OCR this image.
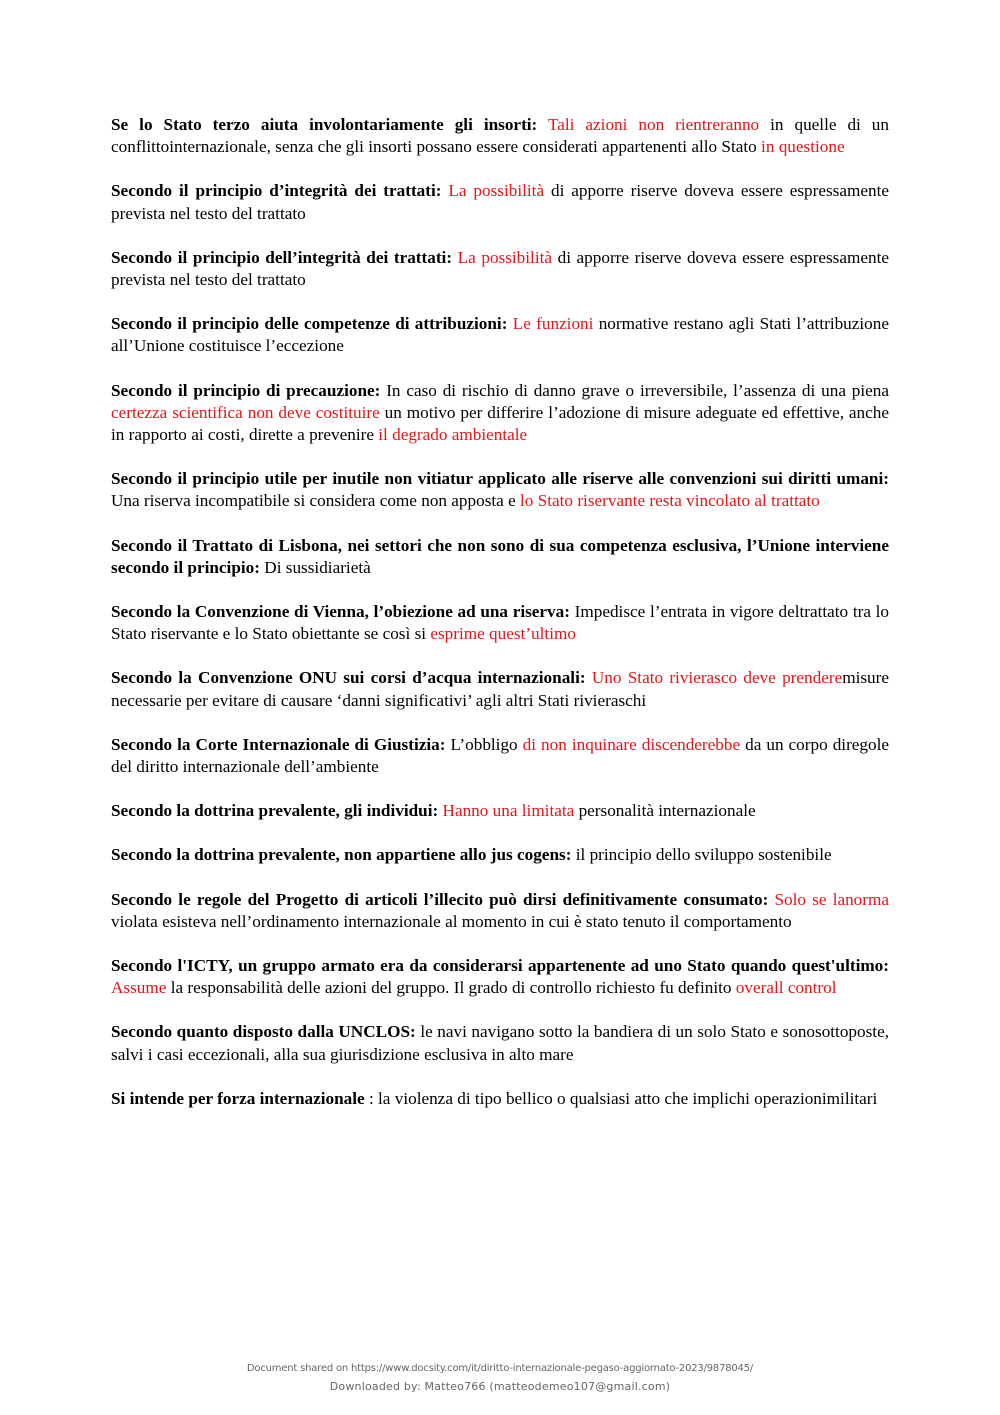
Se lo Stato terzo aiuta involontariamente gli insorti: Tali azioni non rientreranno in quelle di un conflittointernazionale, senza che gli insorti possano essere considerati appartenenti allo Stato in questione

Secondo il principio d’integrità dei trattati: La possibilità di apporre riserve doveva essere espressamente prevista nel testo del trattato

Secondo il principio dell’integrità dei trattati: La possibilità di apporre riserve doveva essere espressamente prevista nel testo del trattato

Secondo il principio delle competenze di attribuzioni: Le funzioni normative restano agli Stati l’attribuzione all’Unione costituisce l’eccezione

Secondo il principio di precauzione: In caso di rischio di danno grave o irreversibile, l’assenza di una piena certezza scientifica non deve costituire un motivo per differire l’adozione di misure adeguate ed effettive, anche in rapporto ai costi, dirette a prevenire il degrado ambientale

Secondo il principio utile per inutile non vitiatur applicato alle riserve alle convenzioni sui diritti umani: Una riserva incompatibile si considera come non apposta e lo Stato riservante resta vincolato al trattato

Secondo il Trattato di Lisbona, nei settori che non sono di sua competenza esclusiva, l’Unione interviene secondo il principio: Di sussidiarietà

Secondo la Convenzione di Vienna, l’obiezione ad una riserva: Impedisce l’entrata in vigore deltrattato tra lo Stato riservante e lo Stato obiettante se così si esprime quest’ultimo

Secondo la Convenzione ONU sui corsi d’acqua internazionali: Uno Stato rivierasco deve prenderemisure necessarie per evitare di causare ‘danni significativi’ agli altri Stati rivieraschi

Secondo la Corte Internazionale di Giustizia: L’obbligo di non inquinare discenderebbe da un corpo diregole del diritto internazionale dell’ambiente

Secondo la dottrina prevalente, gli individui: Hanno una limitata personalità internazionale

Secondo la dottrina prevalente, non appartiene allo jus cogens: il principio dello sviluppo sostenibile

Secondo le regole del Progetto di articoli l’illecito può dirsi definitivamente consumato: Solo se lanorma violata esisteva nell’ordinamento internazionale al momento in cui è stato tenuto il comportamento

Secondo l'ICTY, un gruppo armato era da considerarsi appartenente ad uno Stato quando quest'ultimo: Assume la responsabilità delle azioni del gruppo. Il grado di controllo richiesto fu definito overall control

Secondo quanto disposto dalla UNCLOS: le navi navigano sotto la bandiera di un solo Stato e sonosottoposte, salvi i casi eccezionali, alla sua giurisdizione esclusiva in alto mare

Si intende per forza internazionale : la violenza di tipo bellico o qualsiasi atto che implichi operazionimilitari

Document shared on https://www.docsity.com/it/diritto-internazionale-pegaso-aggiornato-2023/9878045/
Downloaded by: Matteo766 (matteodemeo107@gmail.com)
